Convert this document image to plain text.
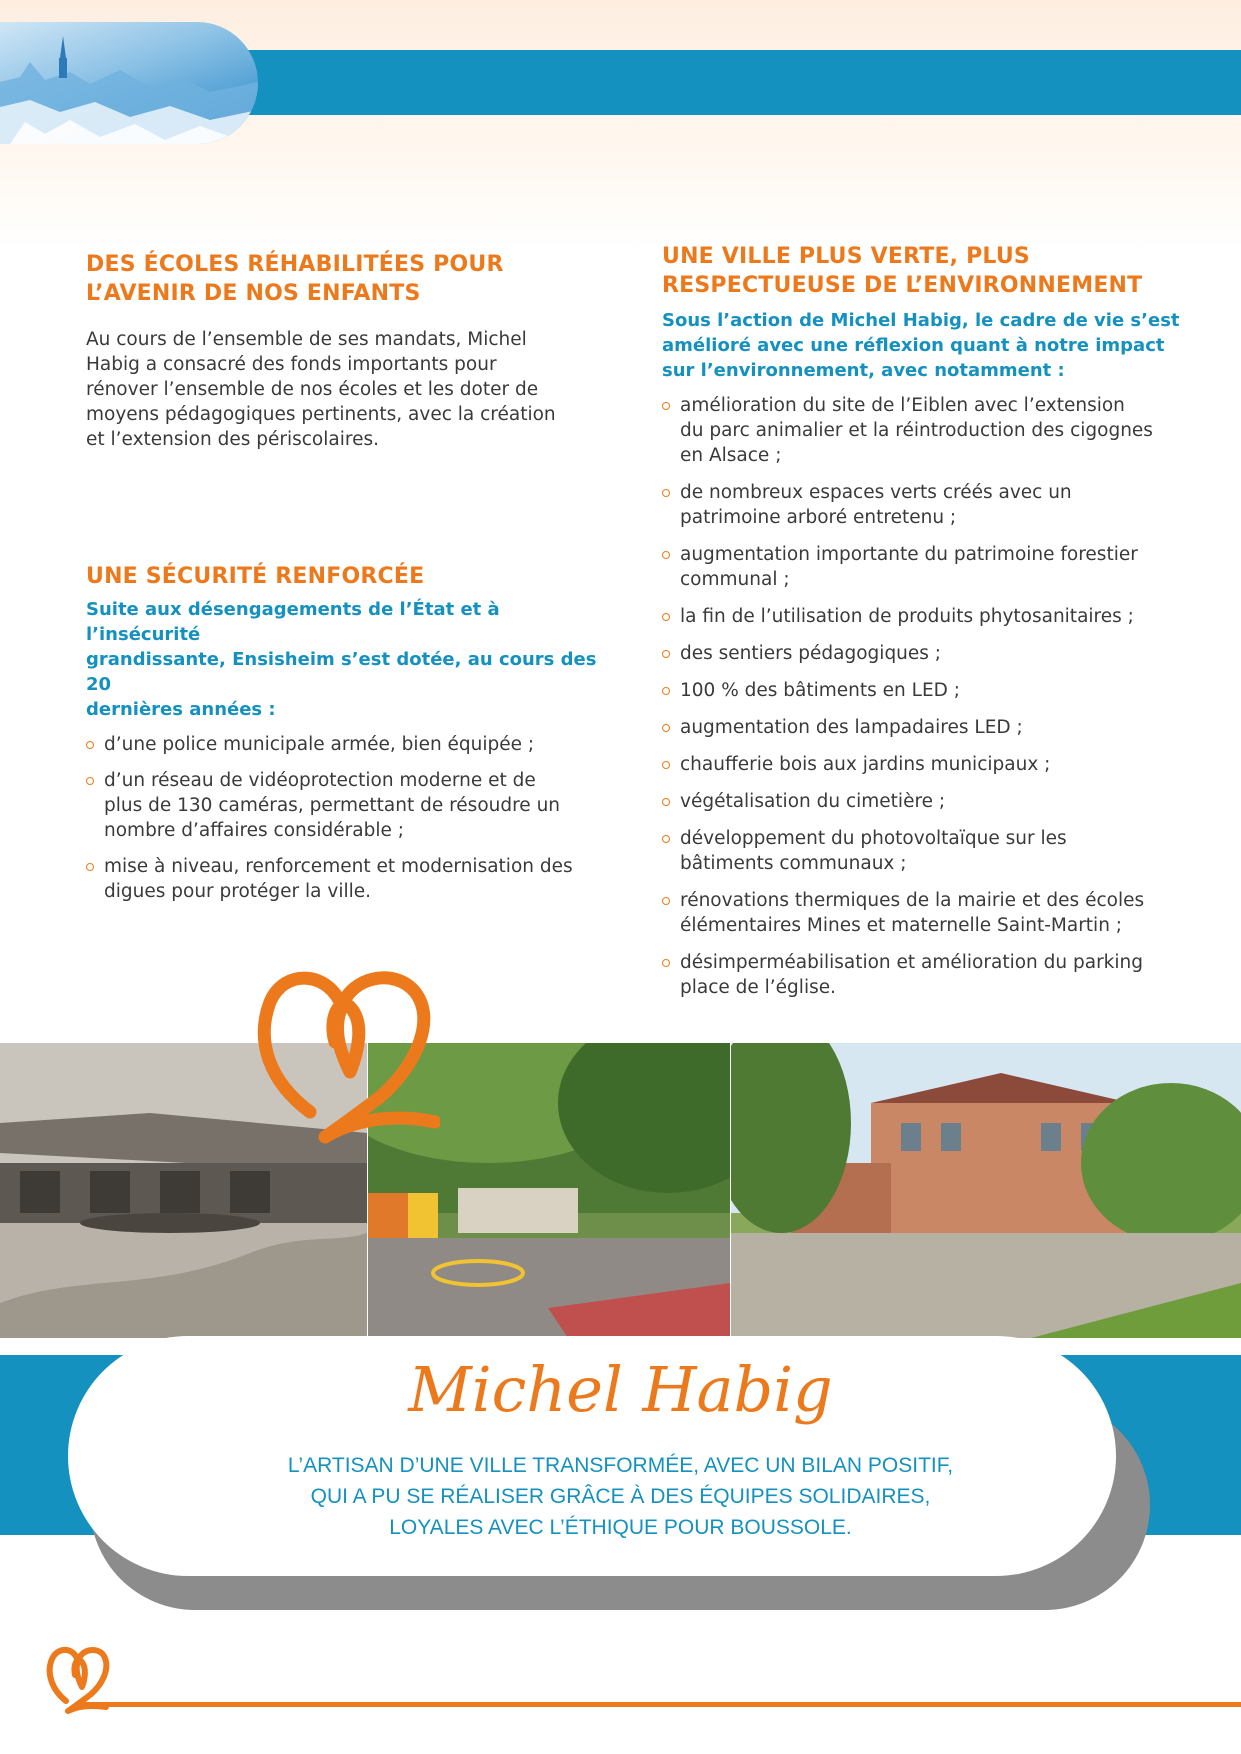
DES ÉCOLES RÉHABILITÉES POUR
L’AVENIR DE NOS ENFANTS

Au cours de l’ensemble de ses mandats, Michel
Habig a consacré des fonds importants pour
rénover l’ensemble de nos écoles et les doter de
moyens pédagogiques pertinents, avec la création
et l’extension des périscolaires.

UNE SÉCURITÉ RENFORCÉE

Suite aux désengagements de l’État et à l’insécurité
grandissante, Ensisheim s’est dotée, au cours des 20
dernières années :

d’une police municipale armée, bien équipée ;
d’un réseau de vidéoprotection moderne et de
plus de 130 caméras, permettant de résoudre un
nombre d’affaires considérable ;
mise à niveau, renforcement et modernisation des
digues pour protéger la ville.

UNE VILLE PLUS VERTE, PLUS
RESPECTUEUSE DE L’ENVIRONNEMENT

Sous l’action de Michel Habig, le cadre de vie s’est
amélioré avec une réflexion quant à notre impact
sur l’environnement, avec notamment :

amélioration du site de l’Eiblen avec l’extension
du parc animalier et la réintroduction des cigognes
en Alsace ;
de nombreux espaces verts créés avec un
patrimoine arboré entretenu ;
augmentation importante du patrimoine forestier
communal ;
la fin de l’utilisation de produits phytosanitaires ;
des sentiers pédagogiques ;
100 % des bâtiments en LED ;
augmentation des lampadaires LED ;
chaufferie bois aux jardins municipaux ;
végétalisation du cimetière ;
développement du photovoltaïque sur les
bâtiments communaux ;
rénovations thermiques de la mairie et des écoles
élémentaires Mines et maternelle Saint-Martin ;
désimperméabilisation et amélioration du parking
place de l’église.
Michel Habig
L’ARTISAN D’UNE VILLE TRANSFORMÉE, AVEC UN BILAN POSITIF,
QUI A PU SE RÉALISER GRÂCE À DES ÉQUIPES SOLIDAIRES,
LOYALES AVEC L’ÉTHIQUE POUR BOUSSOLE.
